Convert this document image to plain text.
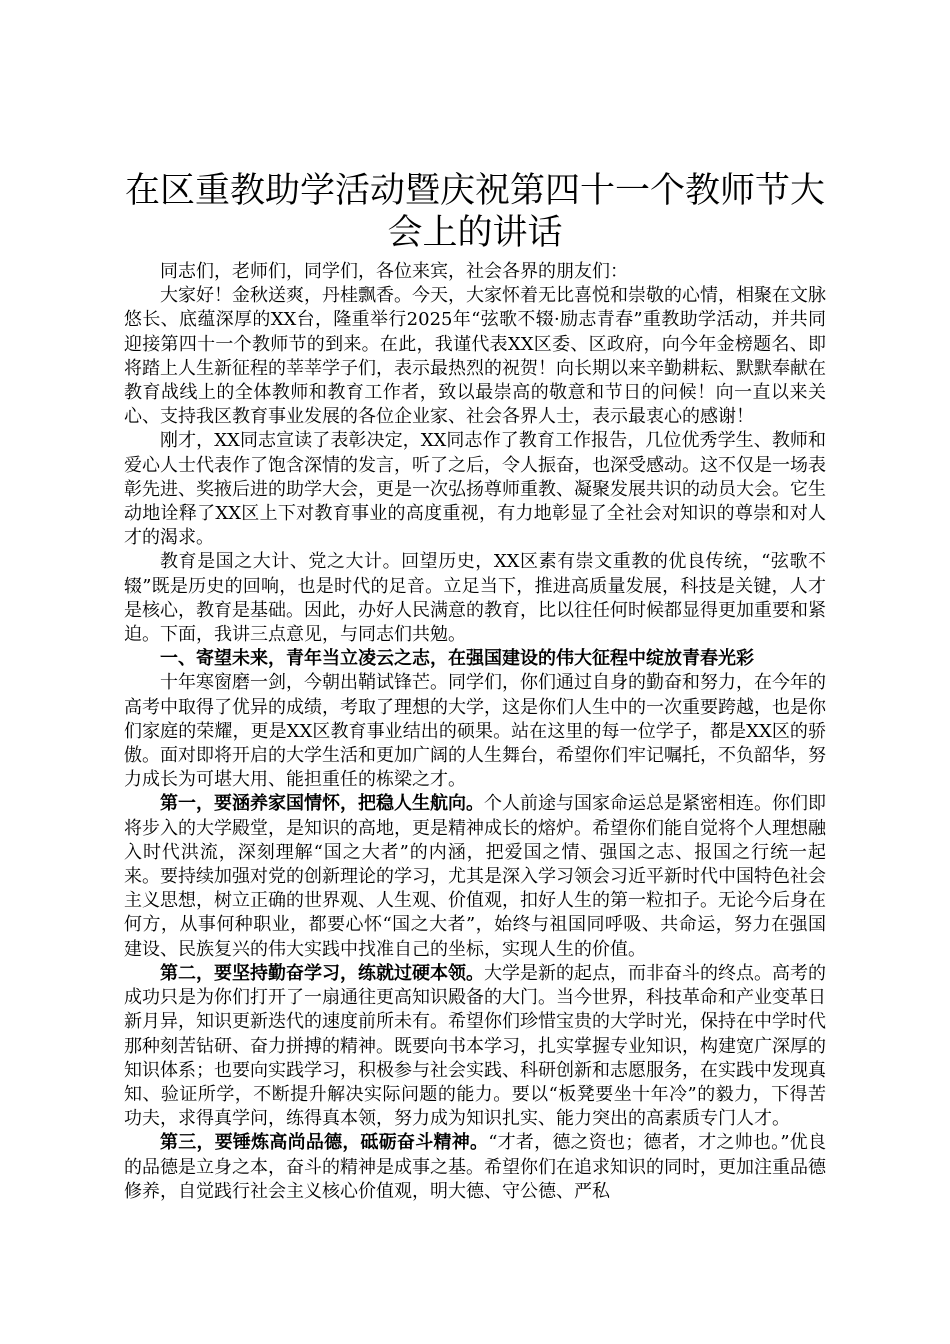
在区重教助学活动暨庆祝第四十一个教师节大会上的讲话

同志们，老师们，同学们，各位来宾，社会各界的朋友们：

大家好！金秋送爽，丹桂飘香。今天，大家怀着无比喜悦和崇敬的心情，相聚在文脉悠长、底蕴深厚的XX台，隆重举行2025年“弦歌不辍·励志青春”重教助学活动，并共同迎接第四十一个教师节的到来。在此，我谨代表XX区委、区政府，向今年金榜题名、即将踏上人生新征程的莘莘学子们，表示最热烈的祝贺！向长期以来辛勤耕耘、默默奉献在教育战线上的全体教师和教育工作者，致以最崇高的敬意和节日的问候！向一直以来关心、支持我区教育事业发展的各位企业家、社会各界人士，表示最衷心的感谢！

刚才，XX同志宣读了表彰决定，XX同志作了教育工作报告，几位优秀学生、教师和爱心人士代表作了饱含深情的发言，听了之后，令人振奋，也深受感动。这不仅是一场表彰先进、奖掖后进的助学大会，更是一次弘扬尊师重教、凝聚发展共识的动员大会。它生动地诠释了XX区上下对教育事业的高度重视，有力地彰显了全社会对知识的尊崇和对人才的渴求。

教育是国之大计、党之大计。回望历史，XX区素有崇文重教的优良传统，“弦歌不辍”既是历史的回响，也是时代的足音。立足当下，推进高质量发展，科技是关键，人才是核心，教育是基础。因此，办好人民满意的教育，比以往任何时候都显得更加重要和紧迫。下面，我讲三点意见，与同志们共勉。

一、寄望未来，青年当立凌云之志，在强国建设的伟大征程中绽放青春光彩

十年寒窗磨一剑，今朝出鞘试锋芒。同学们，你们通过自身的勤奋和努力，在今年的高考中取得了优异的成绩，考取了理想的大学，这是你们人生中的一次重要跨越，也是你们家庭的荣耀，更是XX区教育事业结出的硕果。站在这里的每一位学子，都是XX区的骄傲。面对即将开启的大学生活和更加广阔的人生舞台，希望你们牢记嘱托，不负韶华，努力成长为可堪大用、能担重任的栋梁之才。

第一，要涵养家国情怀，把稳人生航向。个人前途与国家命运总是紧密相连。你们即将步入的大学殿堂，是知识的高地，更是精神成长的熔炉。希望你们能自觉将个人理想融入时代洪流，深刻理解“国之大者”的内涵，把爱国之情、强国之志、报国之行统一起来。要持续加强对党的创新理论的学习，尤其是深入学习领会习近平新时代中国特色社会主义思想，树立正确的世界观、人生观、价值观，扣好人生的第一粒扣子。无论今后身在何方，从事何种职业，都要心怀“国之大者”，始终与祖国同呼吸、共命运，努力在强国建设、民族复兴的伟大实践中找准自己的坐标，实现人生的价值。

第二，要坚持勤奋学习，练就过硬本领。大学是新的起点，而非奋斗的终点。高考的成功只是为你们打开了一扇通往更高知识殿备的大门。当今世界，科技革命和产业变革日新月异，知识更新迭代的速度前所未有。希望你们珍惜宝贵的大学时光，保持在中学时代那种刻苦钻研、奋力拼搏的精神。既要向书本学习，扎实掌握专业知识，构建宽广深厚的知识体系；也要向实践学习，积极参与社会实践、科研创新和志愿服务，在实践中发现真知、验证所学，不断提升解决实际问题的能力。要以“板凳要坐十年冷”的毅力，下得苦功夫，求得真学问，练得真本领，努力成为知识扎实、能力突出的高素质专门人才。

第三，要锤炼高尚品德，砥砺奋斗精神。“才者，德之资也；德者，才之帅也。”优良的品德是立身之本，奋斗的精神是成事之基。希望你们在追求知识的同时，更加注重品德修养，自觉践行社会主义核心价值观，明大德、守公德、严私
